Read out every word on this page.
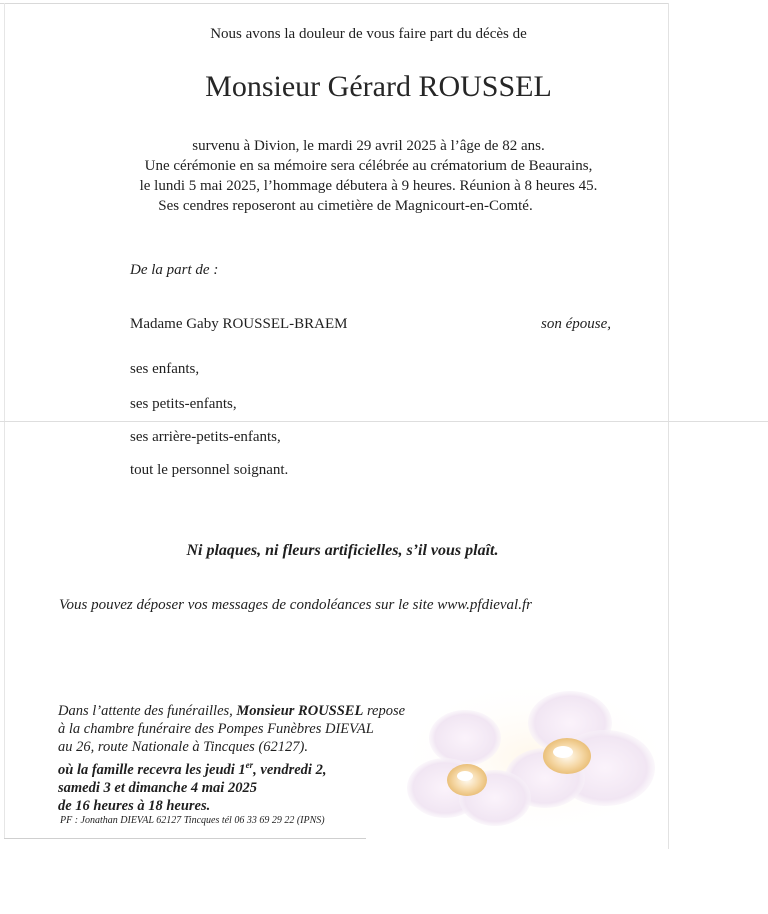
Nous avons la douleur de vous faire part du décès de
Monsieur Gérard ROUSSEL
survenu à Divion, le mardi 29 avril 2025 à l’âge de 82 ans.
Une cérémonie en sa mémoire sera célébrée au crématorium de Beaurains,
le lundi 5 mai 2025, l’hommage débutera à 9 heures. Réunion à 8 heures 45.
Ses cendres reposeront au cimetière de Magnicourt-en-Comté.
De la part de :
Madame Gaby ROUSSEL-BRAEM	son épouse,
ses enfants,
ses petits-enfants,
ses arrière-petits-enfants,
tout le personnel soignant.
Ni plaques, ni fleurs artificielles, s’il vous plaît.
Vous pouvez déposer vos messages de condoléances sur le site www.pfdieval.fr
Dans l’attente des funérailles, Monsieur ROUSSEL repose
à la chambre funéraire des Pompes Funèbres DIEVAL
au 26, route Nationale à Tincques (62127).
où la famille recevra les jeudi 1er, vendredi 2,
samedi 3 et dimanche 4 mai 2025
de 16 heures à 18 heures.
PF : Jonathan DIEVAL 62127 Tincques tél 06 33 69 29 22 (IPNS)
